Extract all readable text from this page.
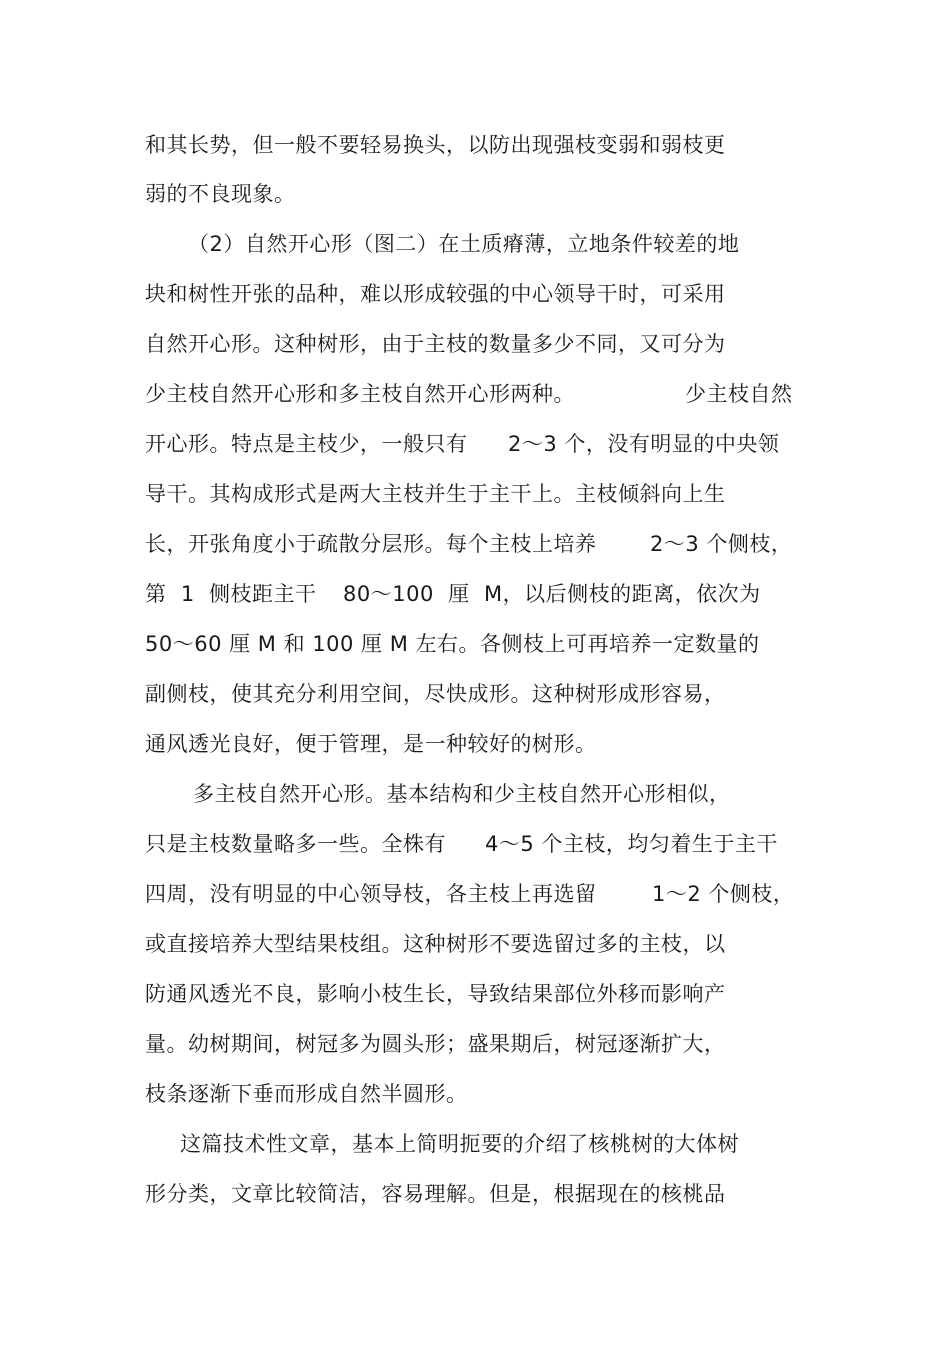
和其长势，但一般不要轻易换头，以防出现强枝变弱和弱枝更
弱的不良现象。
（2）自然开心形（图二）在土质瘠薄，立地条件较差的地
块和树性开张的品种，难以形成较强的中心领导干时，可采用
自然开心形。这种树形，由于主枝的数量多少不同，又可分为
少主枝自然开心形和多主枝自然开心形两种。	少主枝自然
开心形。特点是主枝少，一般只有 2～3 个，没有明显的中央领
导干。其构成形式是两大主枝并生于主干上。主枝倾斜向上生
长，开张角度小于疏散分层形。每个主枝上培养	2～3 个侧枝，
第  1  侧枝距主干 80～100  厘  M，以后侧枝的距离，依次为
50～60 厘 M 和 100 厘 M 左右。各侧枝上可再培养一定数量的
副侧枝，使其充分利用空间，尽快成形。这种树形成形容易，
通风透光良好，便于管理，是一种较好的树形。
多主枝自然开心形。基本结构和少主枝自然开心形相似，
只是主枝数量略多一些。全株有 4～5 个主枝，均匀着生于主干
四周，没有明显的中心领导枝，各主枝上再选留	1～2 个侧枝，
或直接培养大型结果枝组。这种树形不要选留过多的主枝，以
防通风透光不良，影响小枝生长，导致结果部位外移而影响产
量。幼树期间，树冠多为圆头形；盛果期后，树冠逐渐扩大，
枝条逐渐下垂而形成自然半圆形。
这篇技术性文章，基本上简明扼要的介绍了核桃树的大体树
形分类，文章比较简洁，容易理解。但是，根据现在的核桃品
